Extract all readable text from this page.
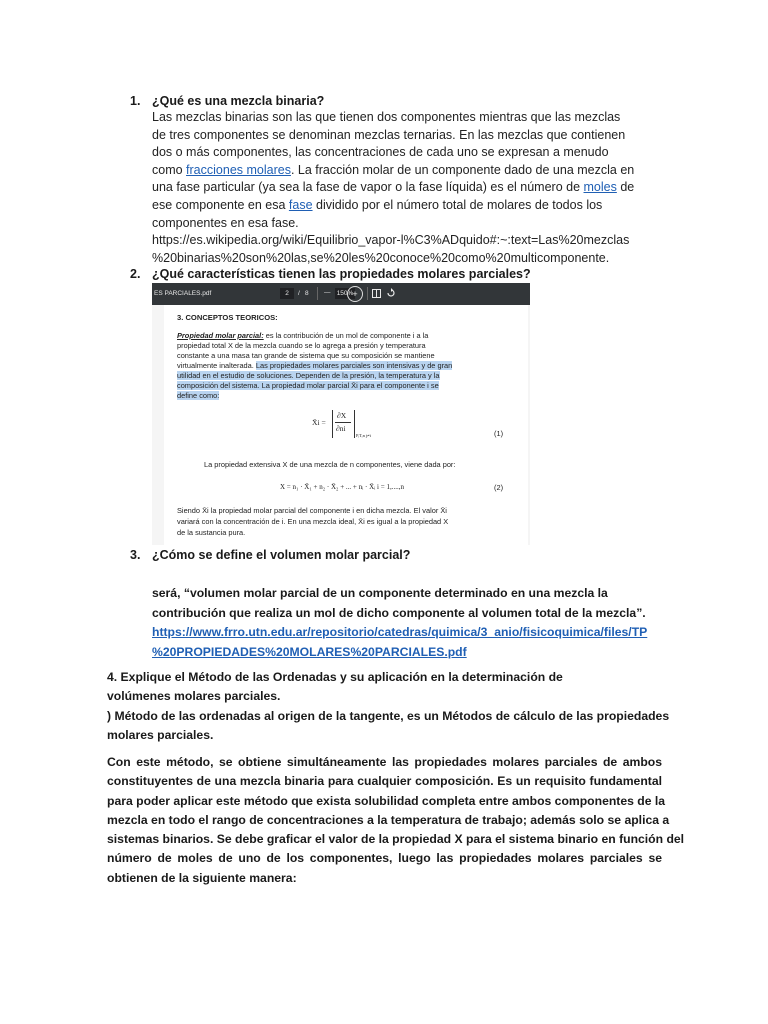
1. ¿Qué es una mezcla binaria?
Las mezclas binarias son las que tienen dos componentes mientras que las mezclas
de tres componentes se denominan mezclas ternarias. En las mezclas que contienen
dos o más componentes, las concentraciones de cada uno se expresan a menudo
como fracciones molares. La fracción molar de un componente dado de una mezcla en
una fase particular (ya sea la fase de vapor o la fase líquida) es el número de moles de
ese componente en esa fase dividido por el número total de molares de todos los
componentes en esa fase.
https://es.wikipedia.org/wiki/Equilibrio_vapor-l%C3%ADquido#:~:text=Las%20mezclas
%20binarias%20son%20las,se%20les%20conoce%20como%20multicomponente.
2. ¿Qué características tienen las propiedades molares parciales?
ES PARCIALES.pdf	2	/ 8 — 150% +
3. CONCEPTOS TEORICOS:
Propiedad molar parcial: es la contribución de un mol de componente i a la
propiedad total X de la mezcla cuando se lo agrega a presión y temperatura
constante a una masa tan grande de sistema que su composición se mantiene
virtualmente inalterada. Las propiedades molares parciales son intensivas y de gran
utilidad en el estudio de soluciones. Dependen de la presión, la temperatura y la
composición del sistema. La propiedad molar parcial X̄i para el componente i se
define como:
X̄i =
∂X
∂ni
P,T,n j≠i	(1)
La propiedad extensiva X de una mezcla de n componentes, viene dada por:
X = n₁ · X̄₁ + n₂ · X̄₂ + ... + nᵢ · X̄ᵢ i = 1,....,n	(2)
Siendo X̄i la propiedad molar parcial del componente i en dicha mezcla. El valor X̄i
variará con la concentración de i. En una mezcla ideal, X̄i es igual a la propiedad X
de la sustancia pura.
3. ¿Cómo se define el volumen molar parcial?
será, “volumen molar parcial de un componente determinado en una mezcla la
contribución que realiza un mol de dicho componente al volumen total de la mezcla”.
https://www.frro.utn.edu.ar/repositorio/catedras/quimica/3_anio/fisicoquimica/files/TP
%20PROPIEDADES%20MOLARES%20PARCIALES.pdf
4. Explique el Método de las Ordenadas y su aplicación en la determinación de
volúmenes molares parciales.
) Método de las ordenadas al origen de la tangente, es un Métodos de cálculo de las propiedades
molares parciales.
Con este método, se obtiene simultáneamente las propiedades molares parciales de ambos
constituyentes de una mezcla binaria para cualquier composición. Es un requisito fundamental
para poder aplicar este método que exista solubilidad completa entre ambos componentes de la
mezcla en todo el rango de concentraciones a la temperatura de trabajo; además solo se aplica a
sistemas binarios. Se debe graficar el valor de la propiedad X para el sistema binario en función del
número de moles de uno de los componentes, luego las propiedades molares parciales se
obtienen de la siguiente manera:
